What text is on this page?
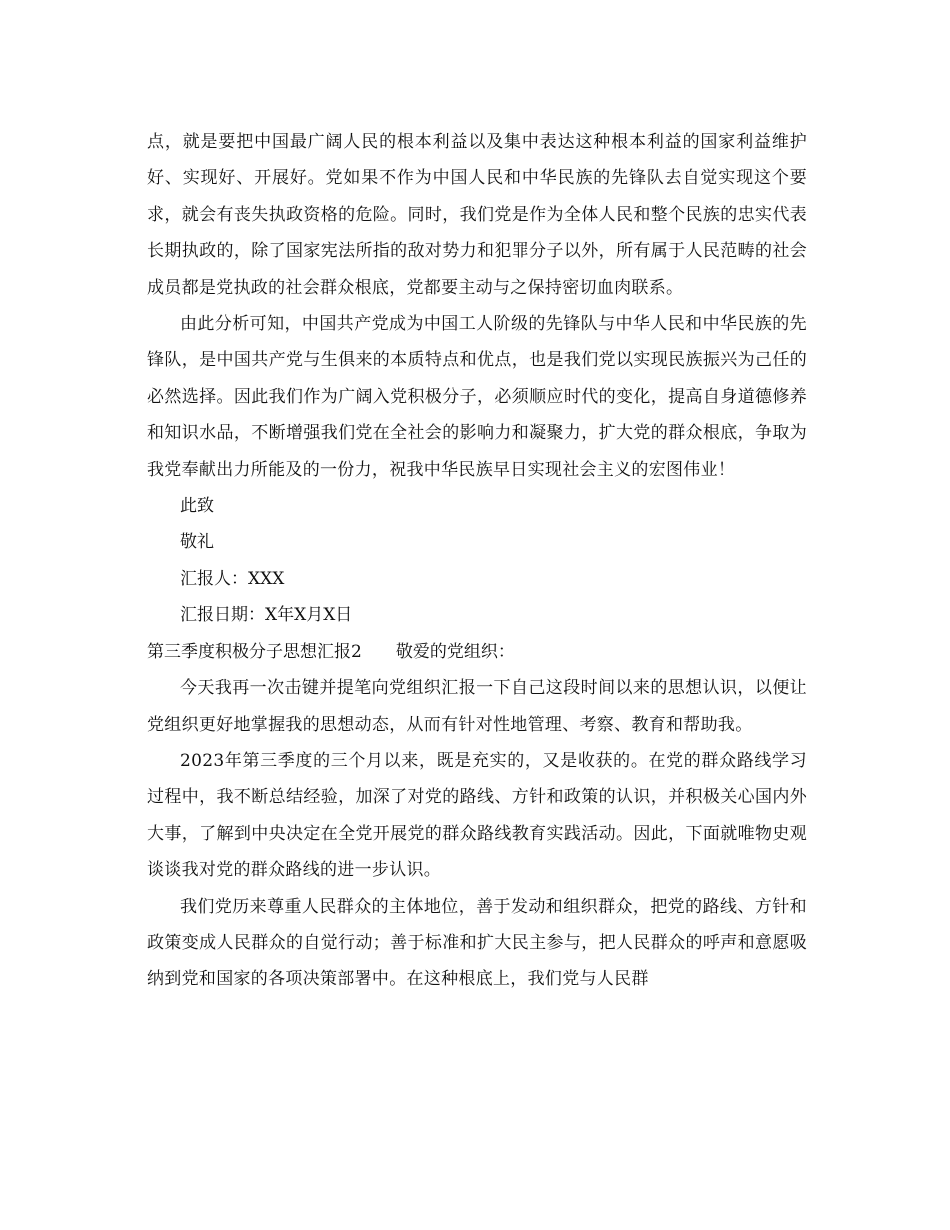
点，就是要把中国最广阔人民的根本利益以及集中表达这种根本利益的国家利益维护好、实现好、开展好。党如果不作为中国人民和中华民族的先锋队去自觉实现这个要求，就会有丧失执政资格的危险。同时，我们党是作为全体人民和整个民族的忠实代表长期执政的，除了国家宪法所指的敌对势力和犯罪分子以外，所有属于人民范畴的社会成员都是党执政的社会群众根底，党都要主动与之保持密切血肉联系。

由此分析可知，中国共产党成为中国工人阶级的先锋队与中华人民和中华民族的先锋队，是中国共产党与生俱来的本质特点和优点，也是我们党以实现民族振兴为己任的必然选择。因此我们作为广阔入党积极分子，必须顺应时代的变化，提高自身道德修养和知识水品，不断增强我们党在全社会的影响力和凝聚力，扩大党的群众根底，争取为我党奉献出力所能及的一份力，祝我中华民族早日实现社会主义的宏图伟业！

此致

敬礼

汇报人：XXX

汇报日期：X年X月X日

第三季度积极分子思想汇报2　　敬爱的党组织：

今天我再一次击键并提笔向党组织汇报一下自己这段时间以来的思想认识，以便让党组织更好地掌握我的思想动态，从而有针对性地管理、考察、教育和帮助我。

2023年第三季度的三个月以来，既是充实的，又是收获的。在党的群众路线学习过程中，我不断总结经验，加深了对党的路线、方针和政策的认识，并积极关心国内外大事，了解到中央决定在全党开展党的群众路线教育实践活动。因此，下面就唯物史观谈谈我对党的群众路线的进一步认识。

我们党历来尊重人民群众的主体地位，善于发动和组织群众，把党的路线、方针和政策变成人民群众的自觉行动；善于标准和扩大民主参与，把人民群众的呼声和意愿吸纳到党和国家的各项决策部署中。在这种根底上，我们党与人民群
